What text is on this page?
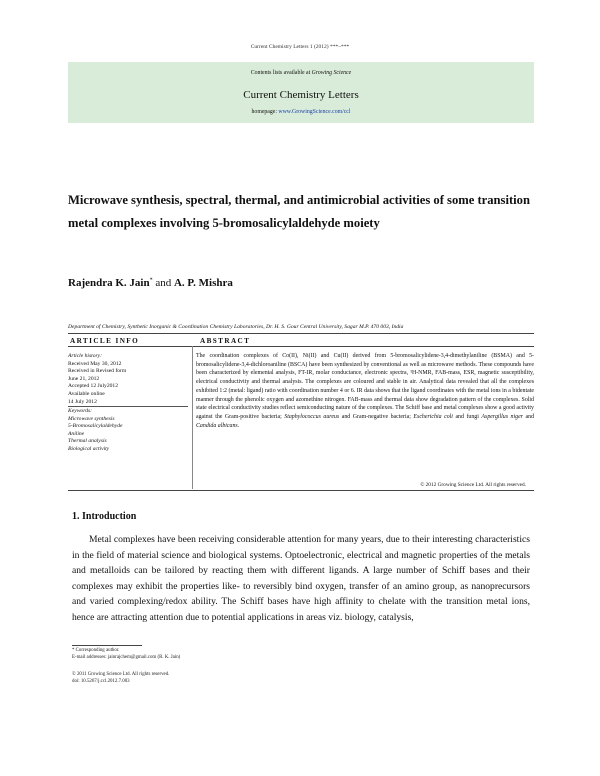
Current Chemistry Letters 1 (2012) ***–***
Contents lists available at Growing Science
Current Chemistry Letters
homepage: www.GrowingScience.com/ccl
Microwave synthesis, spectral, thermal, and antimicrobial activities of some transition metal complexes involving 5-bromosalicylaldehyde moiety
Rajendra K. Jain* and A. P. Mishra
Department of Chemistry, Synthetic Inorganic & Coordination Chemistry Laboratories, Dr. H. S. Gour Central University, Sagar M.P. 470 003, India
ARTICLE INFO	ABSTRACT
Article history:
Received May 30, 2012
Received in Revised form
June 21, 2012
Accepted 12 July2012
Available online
14 July 2012
Keywords:
Microwave synthesis
5-Bromosalicylaldehyde
Aniline
Thermal analysis
Biological activity
The coordination complexes of Co(II), Ni(II) and Cu(II) derived from 5-bromosalicylidene-3,4-dimethylaniline (BSMA) and 5-bromosalicylidene-3,4-dichloroaniline (BSCA) have been synthesized by conventional as well as microwave methods. These compounds have been characterized by elemental analysis, FT-IR, molar conductance, electronic spectra, ¹H-NMR, FAB-mass, ESR, magnetic susceptibility, electrical conductivity and thermal analysis. The complexes are coloured and stable in air. Analytical data revealed that all the complexes exhibited 1:2 (metal: ligand) ratio with coordination number 4 or 6. IR data shows that the ligand coordinates with the metal ions in a bidentate manner through the phenolic oxygen and azomethine nitrogen. FAB-mass and thermal data show degradation pattern of the complexes. Solid state electrical conductivity studies reflect semiconducting nature of the complexes. The Schiff base and metal complexes show a good activity against the Gram-positive bacteria; Staphylococcus aureus and Gram-negative bacteria; Escherichia coli and fungi Aspergillus niger and Candida albicans.
© 2012 Growing Science Ltd. All rights reserved.
1. Introduction
Metal complexes have been receiving considerable attention for many years, due to their interesting characteristics in the field of material science and biological systems. Optoelectronic, electrical and magnetic properties of the metals and metalloids can be tailored by reacting them with different ligands. A large number of Schiff bases and their complexes may exhibit the properties like- to reversibly bind oxygen, transfer of an amino group, as nanoprecursors and varied complexing/redox ability. The Schiff bases have high affinity to chelate with the transition metal ions, hence are attracting attention due to potential applications in areas viz. biology, catalysis,
* Corresponding author.
E-mail addresses: jainrajchem@gmail.com (R. K. Jain)
© 2011 Growing Science Ltd. All rights reserved.
doi: 10.5267/j.ccl.2012.7.003
